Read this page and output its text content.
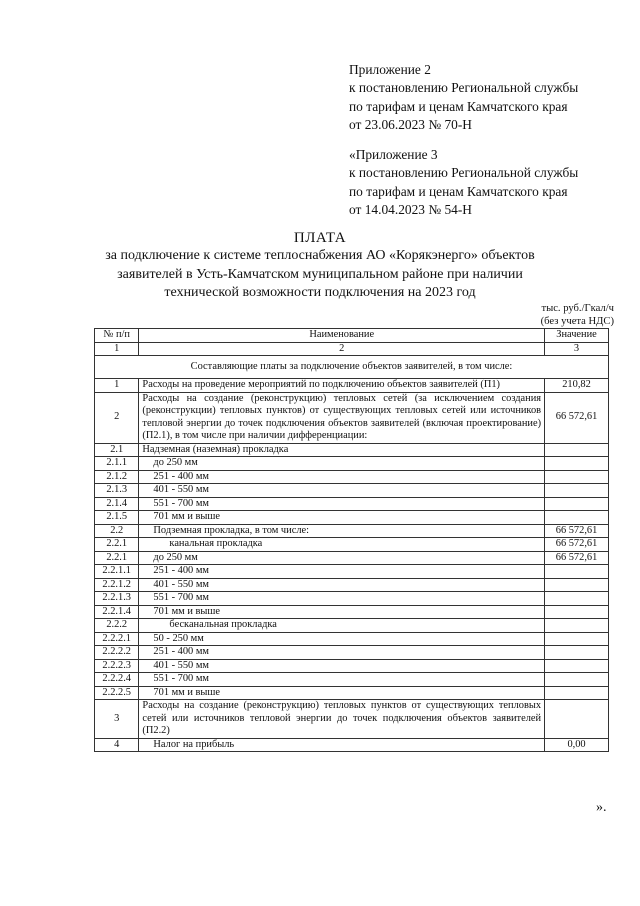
Приложение 2
к постановлению Региональной службы
по тарифам и ценам Камчатского края
от 23.06.2023 № 70-Н
«Приложение 3
к постановлению Региональной службы
по тарифам и ценам Камчатского края
от 14.04.2023 № 54-Н
ПЛАТА
за подключение к системе теплоснабжения АО «Корякэнерго» объектов
заявителей в Усть-Камчатском муниципальном районе при наличии
технической возможности подключения на 2023 год
тыс. руб./Гкал/ч
(без учета НДС)
№ п/п	Наименование	Значение
1	2	3
Составляющие платы за подключение объектов заявителей, в том числе:		
1	Расходы на проведение мероприятий по подключению объектов заявителей (П1)	210,82
2	Расходы на создание (реконструкцию) тепловых сетей (за исключением создания (реконструкции) тепловых пунктов) от существующих тепловых сетей или источников тепловой энергии до точек подключения объектов заявителей (включая проектирование) (П2.1), в том числе при наличии дифференциации:	66 572,61
2.1	Надземная (наземная) прокладка	
2.1.1	до 250 мм	
2.1.2	251 - 400 мм	
2.1.3	401 - 550 мм	
2.1.4	551 - 700 мм	
2.1.5	701 мм и выше	
2.2	Подземная прокладка, в том числе:	66 572,61
2.2.1	канальная прокладка	66 572,61
2.2.1	до 250 мм	66 572,61
2.2.1.1	251 - 400 мм	
2.2.1.2	401 - 550 мм	
2.2.1.3	551 - 700 мм	
2.2.1.4	701 мм и выше	
2.2.2	бесканальная прокладка	
2.2.2.1	50 - 250 мм	
2.2.2.2	251 - 400 мм	
2.2.2.3	401 - 550 мм	
2.2.2.4	551 - 700 мм	
2.2.2.5	701 мм и выше	
3	Расходы на создание (реконструкцию) тепловых пунктов от существующих тепловых сетей или источников тепловой энергии до точек подключения объектов заявителей (П2.2)	
4	Налог на прибыль	0,00
».
